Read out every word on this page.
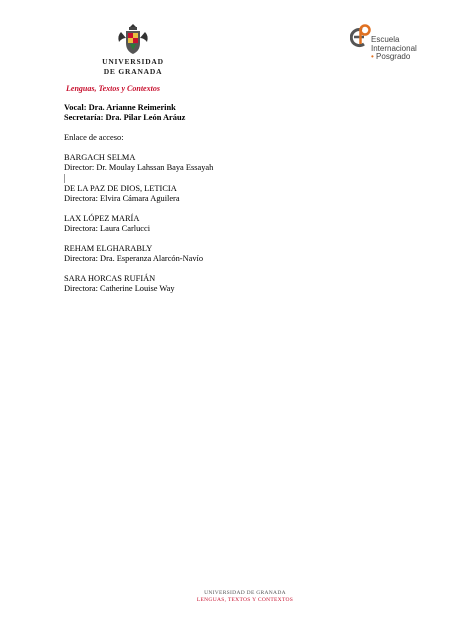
UNIVERSIDAD
DE GRANADA
Lenguas, Textos y Contextos
Escuela
Internacional
• Posgrado
Vocal: Dra. Arianne Reimerink
Secretaría: Dra. Pilar León Aráuz
Enlace de acceso:
BARGACH SELMA
Director: Dr. Moulay Lahssan Baya Essayah
DE LA PAZ DE DIOS, LETICIA
Directora: Elvira Cámara Aguilera
LAX LÓPEZ MARÍA
Directora: Laura Carlucci
REHAM ELGHARABLY
Directora: Dra. Esperanza Alarcón-Navío
SARA HORCAS RUFIÁN
Directora: Catherine Louise Way
UNIVERSIDAD DE GRANADA
LENGUAS, TEXTOS Y CONTEXTOS
